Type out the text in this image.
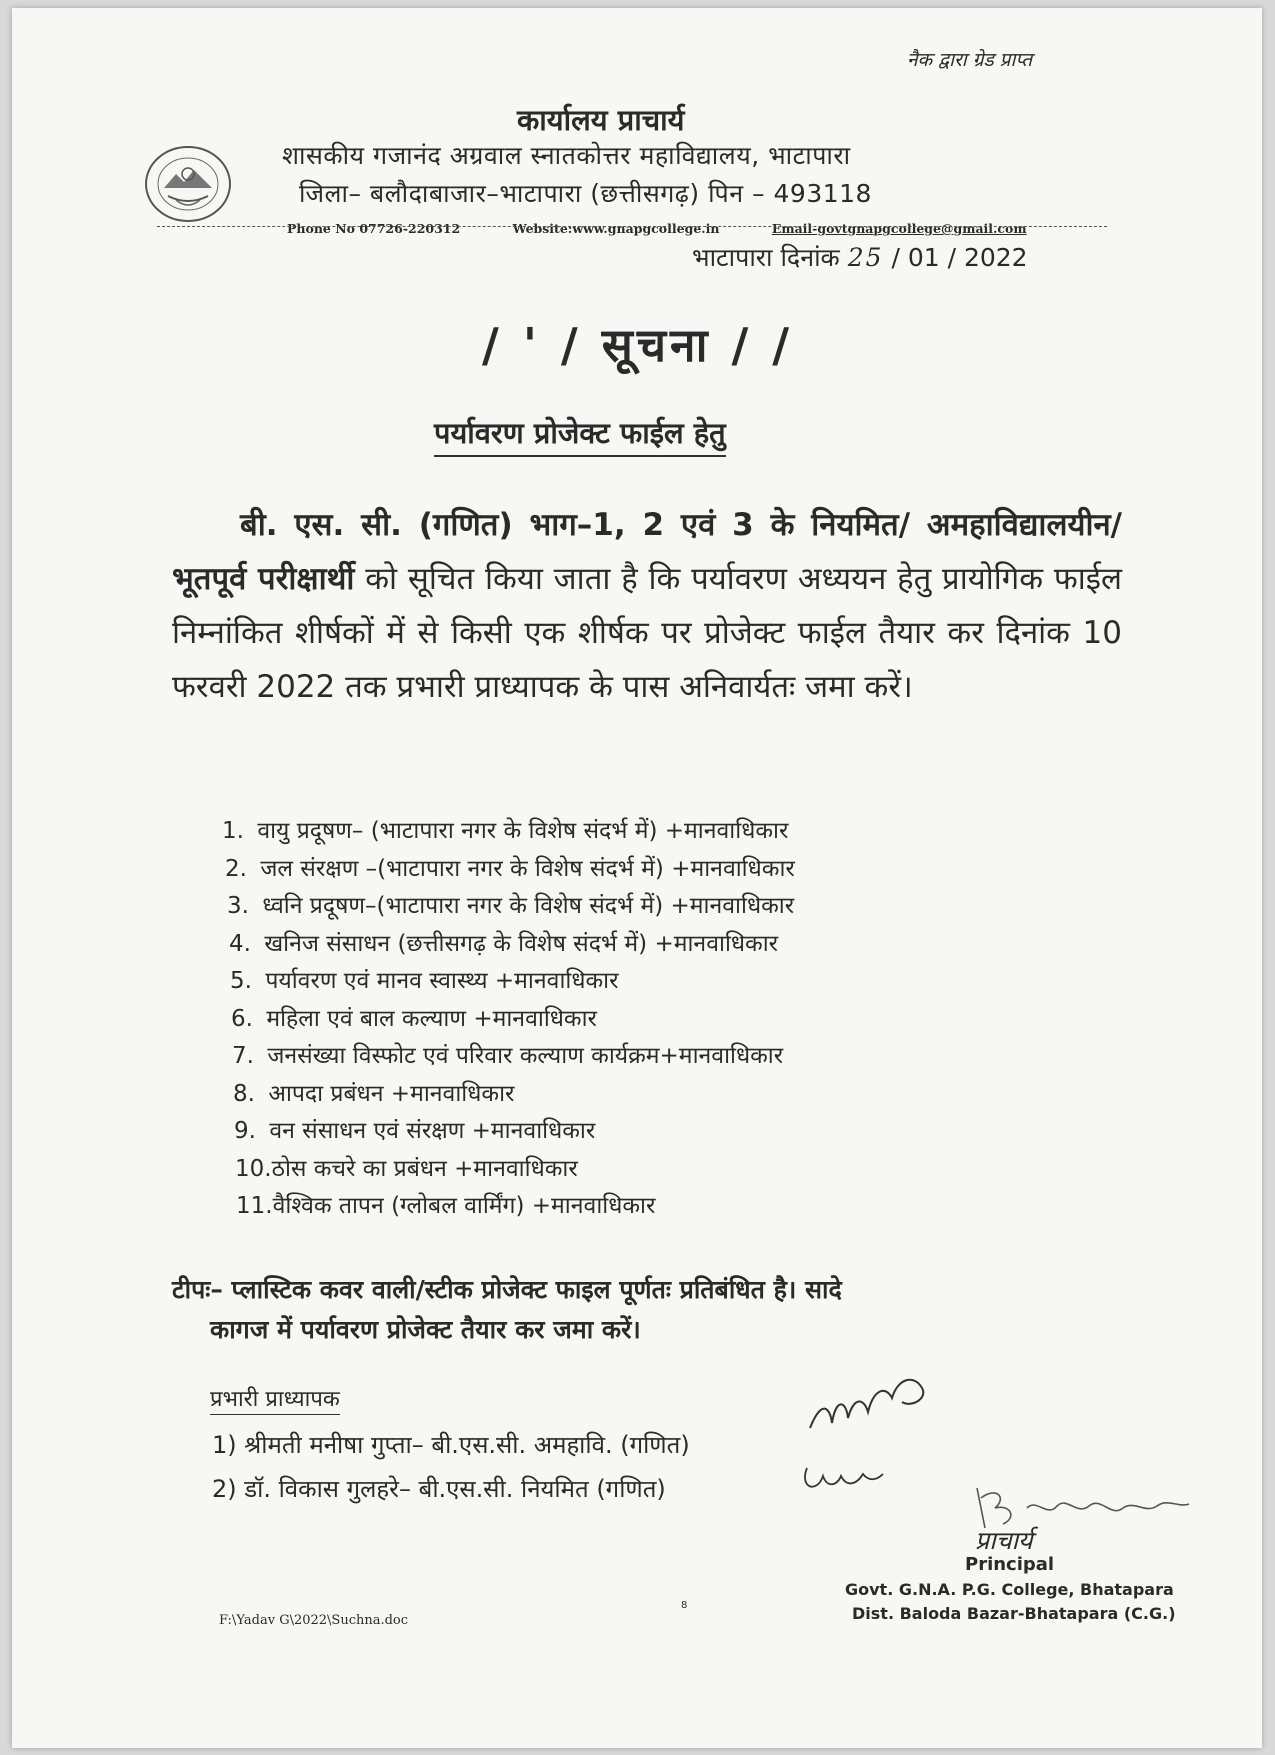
नैक द्वारा ग्रेड प्राप्त
कार्यालय प्राचार्य
शासकीय गजानंद अग्रवाल स्नातकोत्तर महाविद्यालय, भाटापारा
जिला– बलौदाबाजार–भाटापारा (छत्तीसगढ़) पिन – 493118
Phone No 07726-220312	Website:www.gnapgcollege.in	Email-govtgnapgcollege@gmail.com
भाटापारा दिनांक 25 / 01 / 2022
/ ' / सूचना / /
पर्यावरण प्रोजेक्ट फाईल हेतु
बी. एस. सी. (गणित) भाग–1, 2 एवं 3 के नियमित/ अमहाविद्यालयीन/भूतपूर्व परीक्षार्थी को सूचित किया जाता है कि पर्यावरण अध्ययन हेतु प्रायोगिक फाईल निम्नांकित शीर्षकों में से किसी एक शीर्षक पर प्रोजेक्ट फाईल तैयार कर दिनांक 10 फरवरी 2022 तक प्रभारी प्राध्यापक के पास अनिवार्यतः जमा करें।
1. वायु प्रदूषण– (भाटापारा नगर के विशेष संदर्भ में) +मानवाधिकार
2. जल संरक्षण –(भाटापारा नगर के विशेष संदर्भ में) +मानवाधिकार
3. ध्वनि प्रदूषण–(भाटापारा नगर के विशेष संदर्भ में) +मानवाधिकार
4. खनिज संसाधन (छत्तीसगढ़ के विशेष संदर्भ में) +मानवाधिकार
5. पर्यावरण एवं मानव स्वास्थ्य +मानवाधिकार
6. महिला एवं बाल कल्याण +मानवाधिकार
7. जनसंख्या विस्फोट एवं परिवार कल्याण कार्यक्रम+मानवाधिकार
8. आपदा प्रबंधन +मानवाधिकार
9. वन संसाधन एवं संरक्षण +मानवाधिकार
10.ठोस कचरे का प्रबंधन +मानवाधिकार
11.वैश्विक तापन (ग्लोबल वार्मिंग) +मानवाधिकार
टीपः– प्लास्टिक कवर वाली/स्टीक प्रोजेक्ट फाइल पूर्णतः प्रतिबंधित है। सादे
कागज में पर्यावरण प्रोजेक्ट तैयार कर जमा करें।
प्रभारी प्राध्यापक
1) श्रीमती मनीषा गुप्ता– बी.एस.सी. अमहावि. (गणित)
2) डॉ. विकास गुलहरे– बी.एस.सी. नियमित (गणित)
प्राचार्य
Principal
Govt. G.N.A. P.G. College, Bhatapara
Dist. Baloda Bazar-Bhatapara (C.G.)
F:\Yadav G\2022\Suchna.doc
8
